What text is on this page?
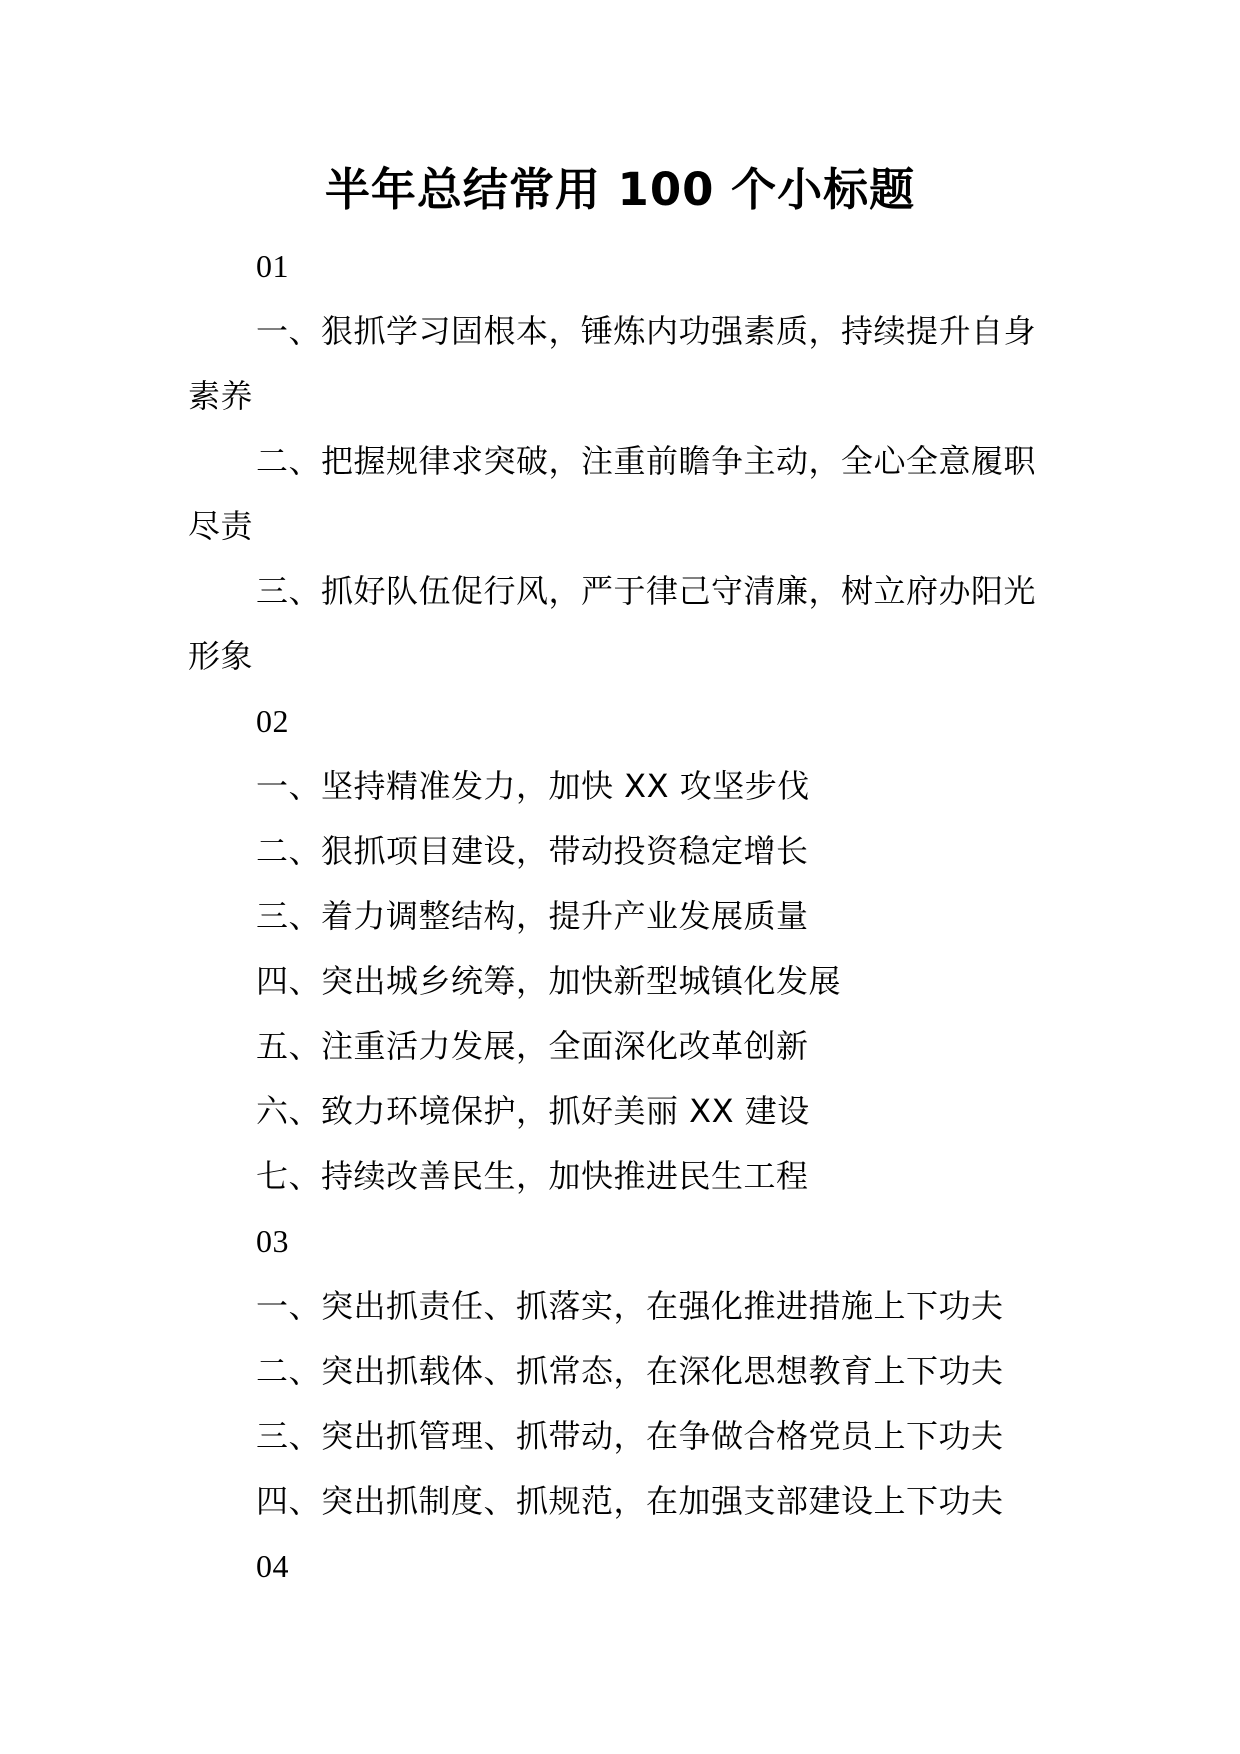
半年总结常用 100 个小标题

01

一、狠抓学习固根本，锤炼内功强素质，持续提升自身素养

二、把握规律求突破，注重前瞻争主动，全心全意履职尽责

三、抓好队伍促行风，严于律己守清廉，树立府办阳光形象

02

一、坚持精准发力，加快 XX 攻坚步伐

二、狠抓项目建设，带动投资稳定增长

三、着力调整结构，提升产业发展质量

四、突出城乡统筹，加快新型城镇化发展

五、注重活力发展，全面深化改革创新

六、致力环境保护，抓好美丽 XX 建设

七、持续改善民生，加快推进民生工程

03

一、突出抓责任、抓落实，在强化推进措施上下功夫

二、突出抓载体、抓常态，在深化思想教育上下功夫

三、突出抓管理、抓带动，在争做合格党员上下功夫

四、突出抓制度、抓规范，在加强支部建设上下功夫

04
